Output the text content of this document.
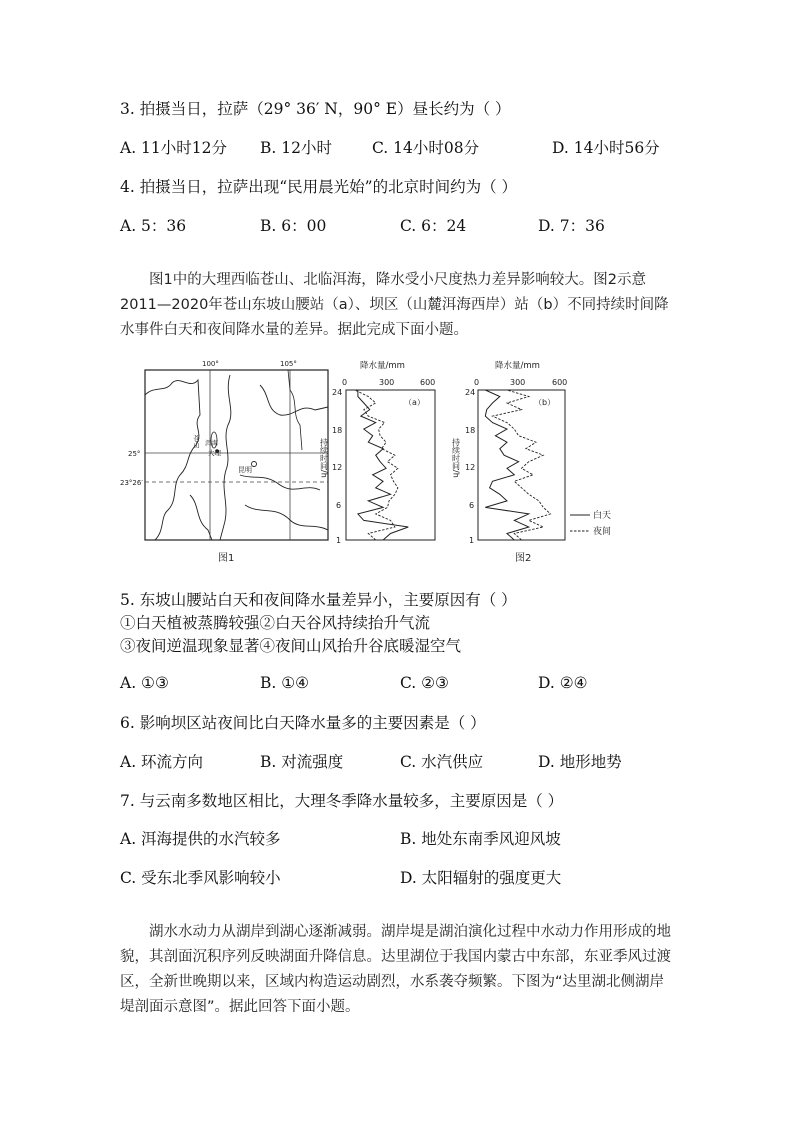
3. 拍摄当日，拉萨（29° 36′ N，90° E）昼长约为（ ）
A. 11小时12分 B. 12小时	C. 14小时08分	D. 14小时56分
4. 拍摄当日，拉萨出现“民用晨光始”的北京时间约为（ ）
A. 5：36	B. 6：00	C. 6：24	D. 7：36
图1中的大理西临苍山、北临洱海，降水受小尺度热力差异影响较大。图2示意2011—2020年苍山东坡山腰站（a）、坝区（山麓洱海西岸）站（b）不同持续时间降水事件白天和夜间降水量的差异。据此完成下面小题。
100°	105°
25°
23°26′
苍山 洱海
大理
昆明
图1
降水量/mm
0	300	600
24
18
12
6
1
持续时间/h
（a）
降水量/mm
0	300	600
24
18
12
6
1
持续时间/h
（b）
图2
白天
夜间
5. 东坡山腰站白天和夜间降水量差异小，主要原因有（ ）
①白天植被蒸腾较强②白天谷风持续抬升气流
③夜间逆温现象显著④夜间山风抬升谷底暖湿空气
A. ①③	B. ①④	C. ②③	D. ②④
6. 影响坝区站夜间比白天降水量多的主要因素是（ ）
A. 环流方向	B. 对流强度	C. 水汽供应	D. 地形地势
7. 与云南多数地区相比，大理冬季降水量较多，主要原因是（ ）
A. 洱海提供的水汽较多	B. 地处东南季风迎风坡
C. 受东北季风影响较小	D. 太阳辐射的强度更大
湖水水动力从湖岸到湖心逐渐减弱。湖岸堤是湖泊演化过程中水动力作用形成的地貌，其剖面沉积序列反映湖面升降信息。达里湖位于我国内蒙古中东部，东亚季风过渡区，全新世晚期以来，区域内构造运动剧烈，水系袭夺频繁。下图为“达里湖北侧湖岸堤剖面示意图”。据此回答下面小题。
